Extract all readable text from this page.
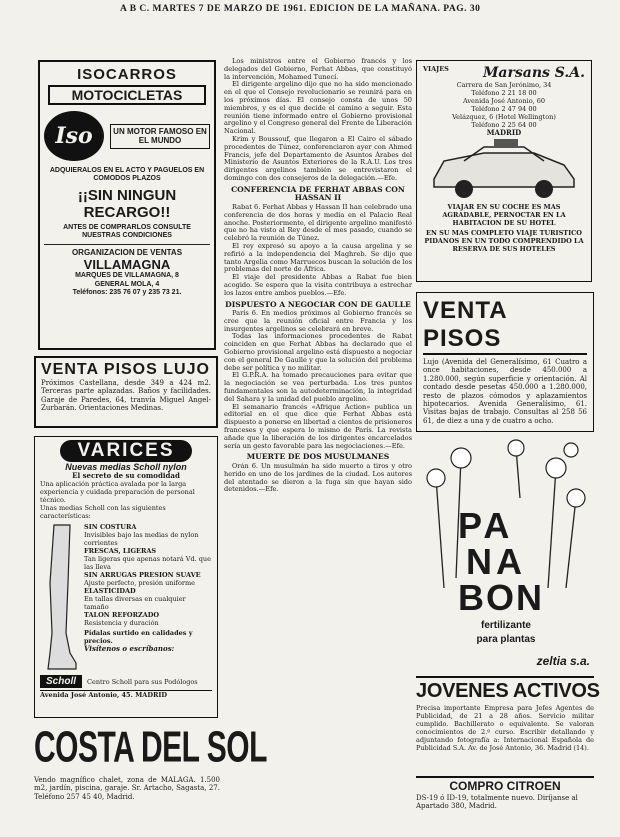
A B C. MARTES 7 DE MARZO DE 1961. EDICION DE LA MAÑANA. PAG. 30

ISOCARROS

MOTOCICLETAS

Iso	UN MOTOR FAMOSO EN EL MUNDO

ADQUIERALOS EN EL ACTO Y PAGUELOS EN COMODOS PLAZOS

¡¡SIN NINGUN RECARGO!!

ANTES DE COMPRARLOS CONSULTE NUESTRAS CONDICIONES

ORGANIZACION DE VENTAS

VILLAMAGNA

MARQUES DE VILLAMAGNA, 8

GENERAL MOLA, 4

Teléfonos: 235 76 07 y 235 73 21.

VENTA PISOS LUJO

Próximos Castellana, desde 349 a 424 m2. Terceras parte aplazadas. Baños y facilidades. Garaje de Paredes, 64, tranvía Miguel Angel-Zurbarán. Orientaciones Medinas.

VARICES

Nuevas medias Scholl nylon

El secreto de su comodidad

Una aplicación práctica avalada por la larga experiencia y cuidada preparación de personal técnico.

Unas medias Scholl con las siguientes características:

SIN COSTURA

Invisibles bajo las medias de nylon corrientes

FRESCAS, LIGERAS

Tan ligeras que apenas notará Vd. que las lleva

SIN ARRUGAS PRESION SUAVE

Ajuste perfecto, presión uniforme

ELASTICIDAD

En tallas diversas en cualquier tamaño

TALON REFORZADO

Resistencia y duración

Pídalas surtido en calidades y precios.

Visítenos o escríbanos:

Scholl	Centro Scholl para sus Podólogos

Avenida José Antonio, 45. MADRID

COSTA DEL SOL

Vendo magnífico chalet, zona de MALAGA. 1.500 m2, jardín, piscina, garaje. Sr. Artacho, Sagasta, 27. Teléfono 257 45 40, Madrid.

Los ministros entre el Gobierno francés y los delegados del Gobierno, Ferhat Abbas, que constituyó la intervención, Mohamed Tunecí.

El dirigente argelino dijo que no ha sido mencionado en el que el Consejo revolucionario se reunirá para en los próximos días. El consejo consta de unos 50 miembros, y es el que decide el camino a seguir. Esta reunión tiene informado entre el Gobierno provisional argelino y el Congreso general del Frente de Liberación Nacional.

Krim y Boussouf, que llegaron a El Cairo el sábado procedentes de Túnez, conferenciaron ayer con Ahmed Francis, jefe del Departamento de Asuntos Árabes del Ministerio de Asuntos Exteriores de la R.A.U. Los tres dirigentes argelinos también se entrevistaron el domingo con dos consejeros de la delegación.—Efe.

CONFERENCIA DE FERHAT ABBAS CON HASSAN II

Rabat 6. Ferhat Abbas y Hassan II han celebrado una conferencia de dos horas y media en el Palacio Real anoche. Posteriormente, el dirigente argelino manifestó que no ha visto al Rey desde el mes pasado, cuando se celebró la reunión de Túnez.

El rey expresó su apoyo a la causa argelina y se refirió a la independencia del Maghreb. Se dijo que tanto Argelia como Marruecos buscan la solución de los problemas del norte de África.

El viaje del presidente Abbas a Rabat fue bien acogido. Se espera que la visita contribuya a estrechar los lazos entre ambos pueblos.—Efe.

DISPUESTO A NEGOCIAR CON DE GAULLE

París 6. En medios próximos al Gobierno francés se cree que la reunión oficial entre Francia y los insurgentes argelinos se celebrará en breve.

Todas las informaciones procedentes de Rabat coinciden en que Ferhat Abbas ha declarado que el Gobierno provisional argelino está dispuesto a negociar con el general De Gaulle y que la solución del problema debe ser política y no militar.

El G.P.R.A. ha tomado precauciones para evitar que la negociación se vea perturbada. Los tres puntos fundamentales son la autodeterminación, la integridad del Sahara y la unidad del pueblo argelino.

El semanario francés «Afrique Action» publica un editorial en el que dice que Ferhat Abbas está dispuesto a ponerse en libertad a cientos de prisioneros franceses y que espera lo mismo de París. La revista añade que la liberación de los dirigentes encarcelados sería un gesto favorable para las negociaciones.—Efe.

MUERTE DE DOS MUSULMANES

Orán 6. Un musulmán ha sido muerto a tiros y otro herido en uno de los jardines de la ciudad. Los autores del atentado se dieron a la fuga sin que hayan sido detenidos.—Efe.

VIAJES	Marsans S.A.

Carrera de San Jerónimo, 34

Teléfono 2 21 18 00

Avenida José Antonio, 60

Teléfono 2 47 94 00

Velázquez, 6 (Hotel Wellington)

Teléfono 2 25 64 00

MADRID

VIAJAR EN SU COCHE ES MAS AGRADABLE, PERNOCTAR EN LA HABITACION DE SU HOTEL

EN SU MAS COMPLETO VIAJE TURISTICO PIDANOS EN UN TODO COMPRENDIDO LA RESERVA DE SUS HOTELES

VENTA PISOS

Lujo (Avenida del Generalísimo, 61 Cuatro a once habitaciones, desde 450.000 a 1.280.000, según superficie y orientación. Al contado desde pesetas 450.000 a 1.280.000, resto de plazos cómodos y aplazamientos hipotecarios. Avenida Generalísimo, 61. Visitas bajas de trabajo. Consultas al 258 56 61, de diez a una y de cuatro a ocho.

PA

NA

BON

fertilizante

para plantas

zeltia s.a.

JOVENES ACTIVOS

Precisa importante Empresa para Jefes Agentes de Publicidad, de 21 a 28 años. Servicio militar cumplido. Bachillerato o equivalente. Se valoran conocimientos de 2.º curso. Escribir detallando y adjuntando fotografía a: Internacional Española de Publicidad S.A. Av. de José Antonio, 36. Madrid (14).

COMPRO CITROEN

DS-19 ó ID-19, totalmente nuevo. Diríjanse al Apartado 380, Madrid.
